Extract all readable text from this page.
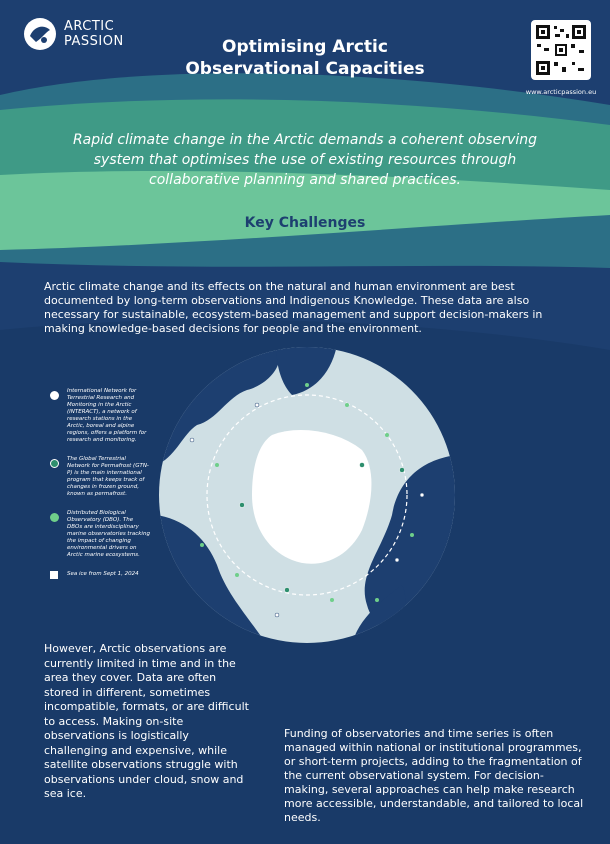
ARCTIC
PASSION	Optimising Arctic
Observational Capacities
www.arcticpassion.eu
Rapid climate change in the Arctic demands a coherent observing system that optimises the use of existing resources through collaborative planning and shared practices.
Key Challenges
Arctic climate change and its effects on the natural and human environment are best documented by long-term observations and Indigenous Knowledge. These data are also necessary for sustainable, ecosystem-based management and support decision-makers in making knowledge-based decisions for people and the environment.
International Network for Terrestrial Research and Monitoring in the Arctic (INTERACT), a network of research stations in the Arctic, boreal and alpine regions, offers a platform for research and monitoring.
The Global Terrestrial Network for Permafrost (GTN-P) is the main international program that keeps track of changes in frozen ground, known as permafrost.
Distributed Biological Observatory (DBO). The DBOs are interdisciplinary marine observatories tracking the impact of changing environmental drivers on Arctic marine ecosystems.
Sea ice from Sept 1, 2024
However, Arctic observations are currently limited in time and in the area they cover. Data are often stored in different, sometimes incompatible, formats, or are difficult to access. Making on-site observations is logistically challenging and expensive, while satellite observations struggle with observations under cloud, snow and sea ice.
Funding of observatories and time series is often managed within national or institutional programmes, or short-term projects, adding to the fragmentation of the current observational system. For decision-making, several approaches can help make research more accessible, understandable, and tailored to local needs.
